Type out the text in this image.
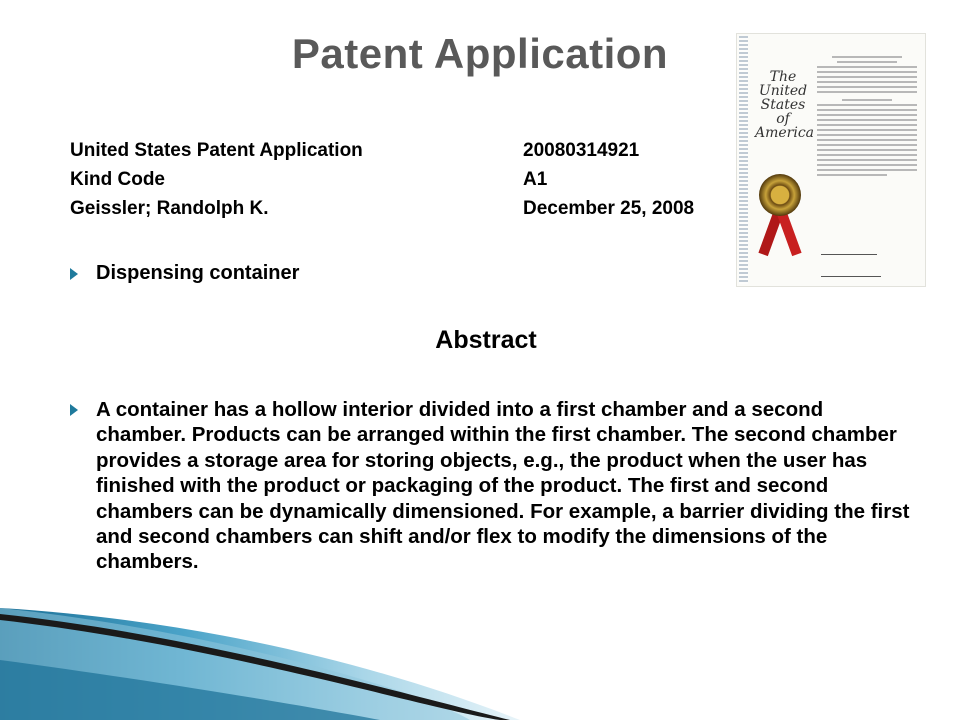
Patent Application
United States Patent Application	20080314921
Kind Code	A1
Geissler; Randolph K.	December 25, 2008
Dispensing container
Abstract
A container has a hollow interior divided into a first chamber and a second chamber. Products can be arranged within the first chamber. The second chamber provides a storage area for storing objects, e.g., the product when the user has finished with the product or packaging of the product. The first and second chambers can be dynamically dimensioned. For example, a barrier dividing the first and second chambers can shift and/or flex to modify the dimensions of the chambers.
The
United
States
of
America
